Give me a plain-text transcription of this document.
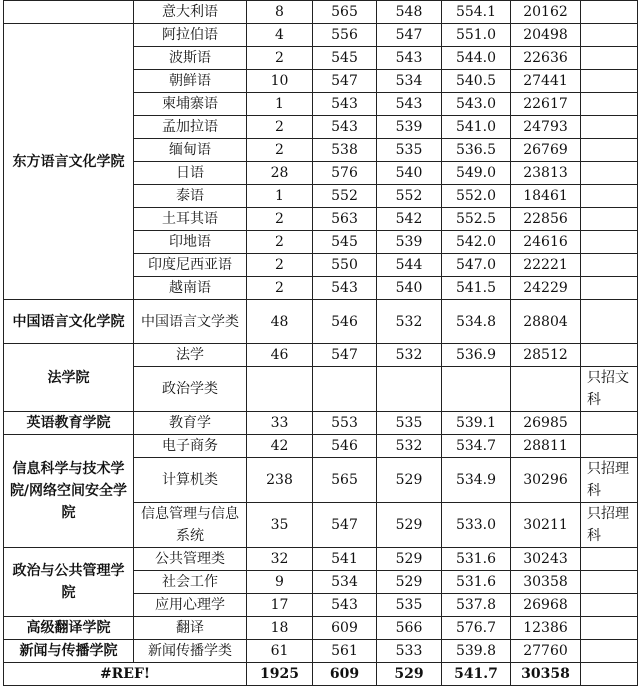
	意大利语	8	565	548	554.1	20162	
东方语言文化学院	阿拉伯语	4	556	547	551.0	20498	
	波斯语	2	545	543	544.0	22636	
	朝鲜语	10	547	534	540.5	27441	
	柬埔寨语	1	543	543	543.0	22617	
	孟加拉语	2	543	539	541.0	24793	
	缅甸语	2	538	535	536.5	26769	
	日语	28	576	540	549.0	23813	
	泰语	1	552	552	552.0	18461	
	土耳其语	2	563	542	552.5	22856	
	印地语	2	545	539	542.0	24616	
	印度尼西亚语	2	550	544	547.0	22221	
	越南语	2	543	540	541.5	24229	
中国语言文化学院	中国语言文学类	48	546	532	534.8	28804	
法学院	法学	46	547	532	536.9	28512	
	政治学类						只招文科
英语教育学院	教育学	33	553	535	539.1	26985	
信息科学与技术学院/网络空间安全学院	电子商务	42	546	532	534.7	28811	
	计算机类	238	565	529	534.9	30296	只招理科
	信息管理与信息系统	35	547	529	533.0	30211	只招理科
政治与公共管理学院	公共管理类	32	541	529	531.6	30243	
	社会工作	9	534	529	531.6	30358	
	应用心理学	17	543	535	537.8	26968	
高级翻译学院	翻译	18	609	566	576.7	12386	
新闻与传播学院	新闻传播学类	61	561	533	539.8	27760	
#REF!		1925	609	529	541.7	30358	
